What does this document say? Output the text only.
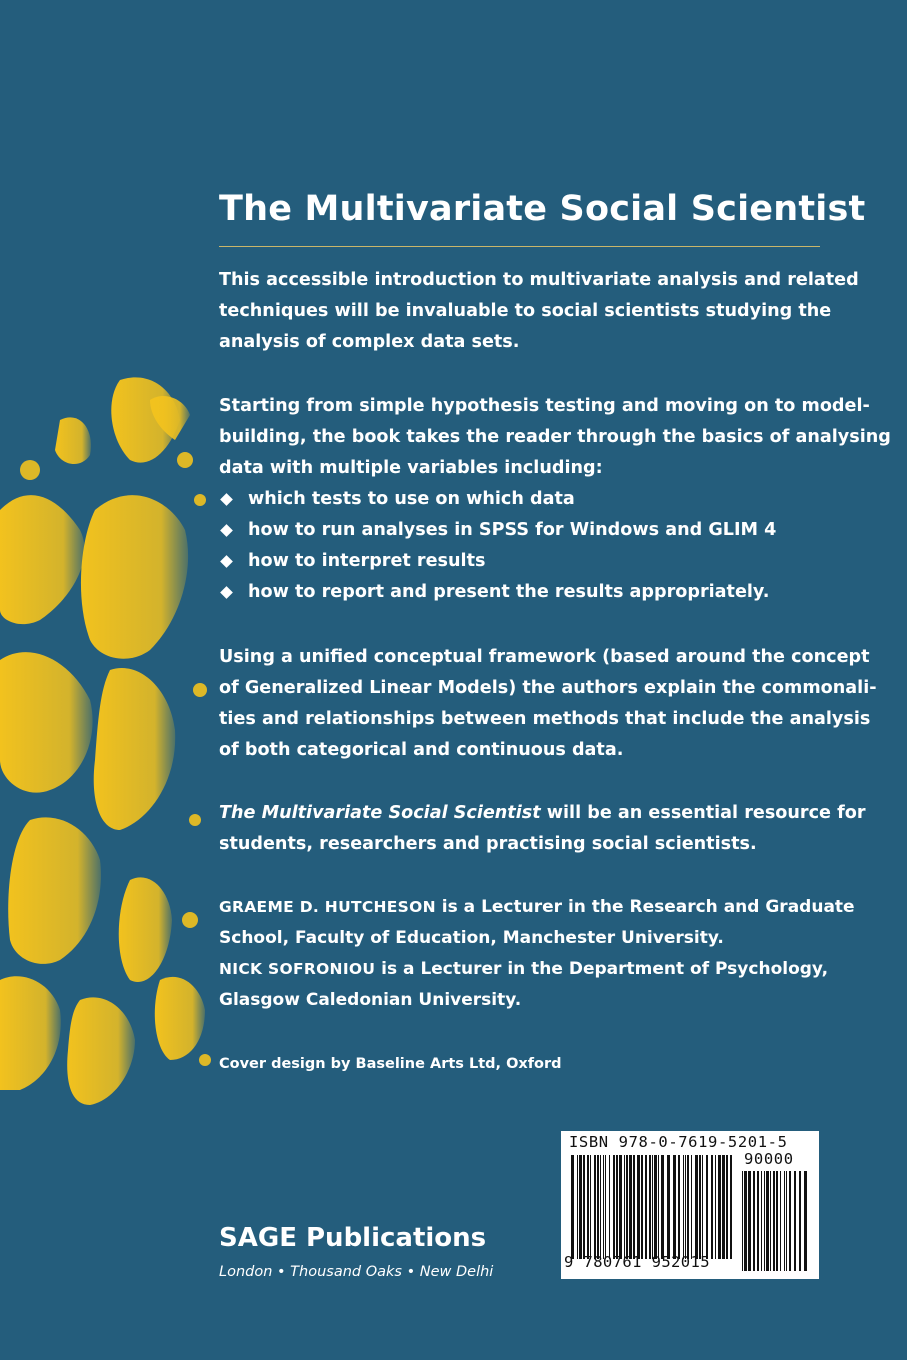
The Multivariate Social Scientist

This accessible introduction to multivariate analysis and related
techniques will be invaluable to social scientists studying the
analysis of complex data sets.

Starting from simple hypothesis testing and moving on to model-
building, the book takes the reader through the basics of analysing
data with multiple variables including:

which tests to use on which data
how to run analyses in SPSS for Windows and GLIM 4
how to interpret results
how to report and present the results appropriately.

Using a unified conceptual framework (based around the concept
of Generalized Linear Models) the authors explain the commonali-
ties and relationships between methods that include the analysis
of both categorical and continuous data.

The Multivariate Social Scientist will be an essential resource for
students, researchers and practising social scientists.

GRAEME D. HUTCHESON is a Lecturer in the Research and Graduate
School, Faculty of Education, Manchester University.
NICK SOFRONIOU is a Lecturer in the Department of Psychology,
Glasgow Caledonian University.
Cover design by Baseline Arts Ltd, Oxford
SAGE Publications
London • Thousand Oaks • New Delhi
ISBN 978-0-7619-5201-5
90000
9 780761 952015
